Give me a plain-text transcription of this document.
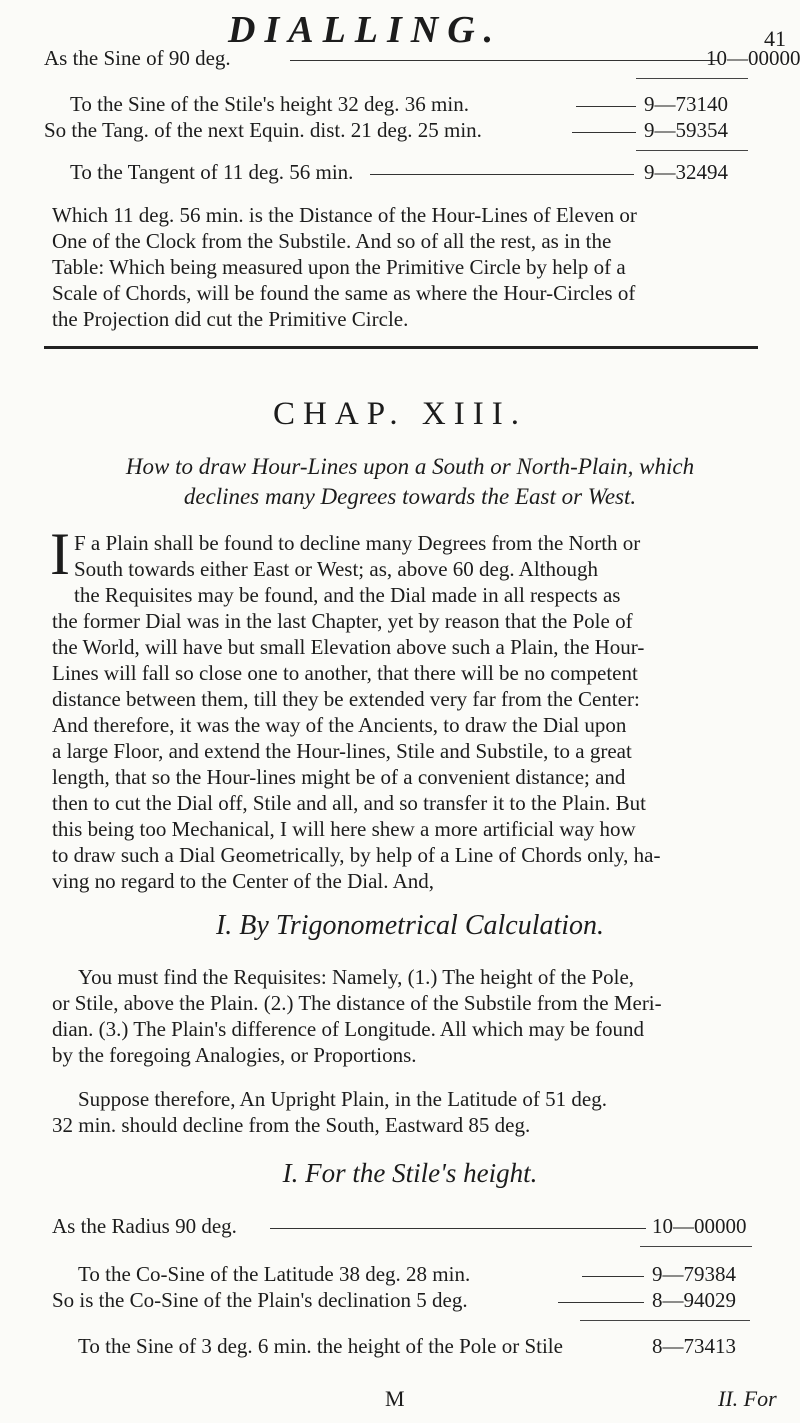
DIALLING.	41
As the Sine of 90 deg.	10—00000
To the Sine of the Stile's height 32 deg. 36 min.	9—73140
So the Tang. of the next Equin. dist. 21 deg. 25 min.	9—59354
To the Tangent of 11 deg. 56 min.	9—32494
Which 11 deg. 56 min. is the Distance of the Hour-Lines of Eleven or
One of the Clock from the Substile. And so of all the rest, as in the
Table: Which being measured upon the Primitive Circle by help of a
Scale of Chords, will be found the same as where the Hour-Circles of
the Projection did cut the Primitive Circle.
CHAP. XIII.
How to draw Hour-Lines upon a South or North-Plain, which
declines many Degrees towards the East or West.
I F a Plain shall be found to decline many Degrees from the North or
South towards either East or West; as, above 60 deg. Although
the Requisites may be found, and the Dial made in all respects as
the former Dial was in the last Chapter, yet by reason that the Pole of
the World, will have but small Elevation above such a Plain, the Hour-
Lines will fall so close one to another, that there will be no competent
distance between them, till they be extended very far from the Center:
And therefore, it was the way of the Ancients, to draw the Dial upon
a large Floor, and extend the Hour-lines, Stile and Substile, to a great
length, that so the Hour-lines might be of a convenient distance; and
then to cut the Dial off, Stile and all, and so transfer it to the Plain. But
this being too Mechanical, I will here shew a more artificial way how
to draw such a Dial Geometrically, by help of a Line of Chords only, ha-
ving no regard to the Center of the Dial. And,
I. By Trigonometrical Calculation.
You must find the Requisites: Namely, (1.) The height of the Pole,
or Stile, above the Plain. (2.) The distance of the Substile from the Meri-
dian. (3.) The Plain's difference of Longitude. All which may be found
by the foregoing Analogies, or Proportions.
Suppose therefore, An Upright Plain, in the Latitude of 51 deg.
32 min. should decline from the South, Eastward 85 deg.
I. For the Stile's height.
As the Radius 90 deg.	10—00000
To the Co-Sine of the Latitude 38 deg. 28 min.	9—79384
So is the Co-Sine of the Plain's declination 5 deg.	8—94029
To the Sine of 3 deg. 6 min. the height of the Pole or Stile	8—73413
M	II. For
